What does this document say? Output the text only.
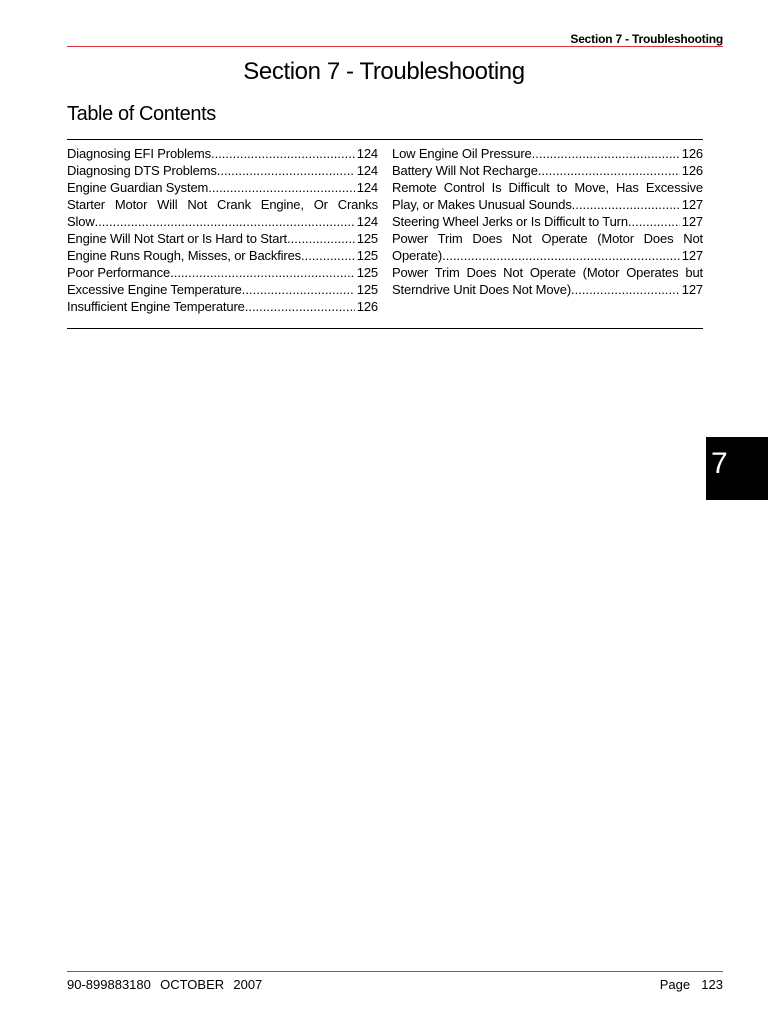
Section 7 - Troubleshooting
Section 7 - Troubleshooting
Table of Contents
Diagnosing EFI Problems .....	124
Diagnosing DTS Problems .....	124
Engine Guardian System .....	124
Starter Motor Will Not Crank Engine, Or Cranks
Slow .....	124
Engine Will Not Start or Is Hard to Start .....	125
Engine Runs Rough, Misses, or Backfires .....	125
Poor Performance .....	125
Excessive Engine Temperature .....	125
Insufficient Engine Temperature .....	126
Low Engine Oil Pressure .....	126
Battery Will Not Recharge .....	126
Remote Control Is Difficult to Move, Has Excessive
Play, or Makes Unusual Sounds .....	127
Steering Wheel Jerks or Is Difficult to Turn .....	127
Power Trim Does Not Operate (Motor Does Not
Operate) .....	127
Power Trim Does Not Operate (Motor Operates but
Sterndrive Unit Does Not Move) .....	127
7
90-899883180 OCTOBER  2007	Page 123
